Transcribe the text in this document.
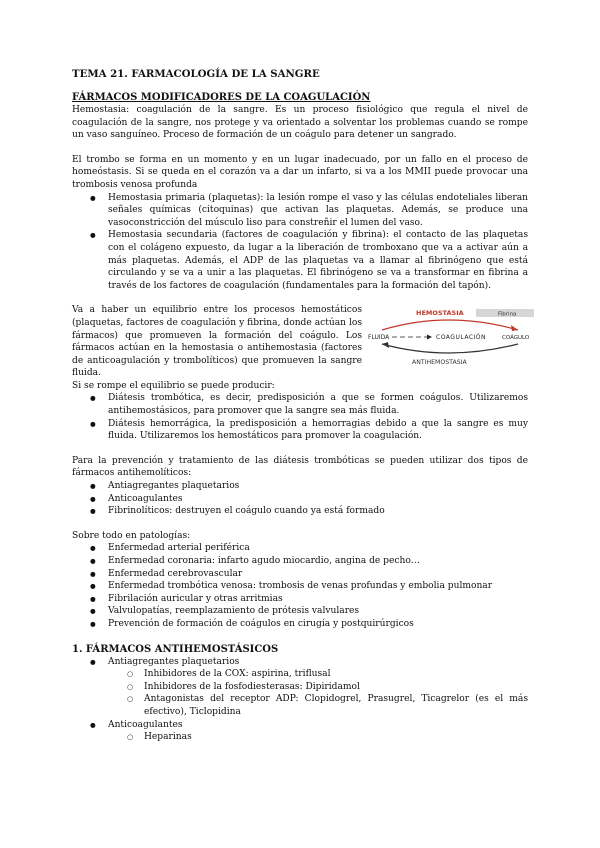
TEMA 21. FARMACOLOGÍA DE LA SANGRE
FÁRMACOS MODIFICADORES DE LA COAGULACIÓN

Hemostasia: coagulación de la sangre. Es un proceso fisiológico que regula el nivel de coagulación de la sangre, nos protege y va orientado a solventar los problemas cuando se rompe un vaso sanguíneo. Proceso de formación de un coágulo para detener un sangrado.

El trombo se forma en un momento y en un lugar inadecuado, por un fallo en el proceso de homeóstasis. Si se queda en el corazón va a dar un infarto, si va a los MMII puede provocar una trombosis venosa profunda

● Hemostasia primaria (plaquetas): la lesión rompe el vaso y las células endoteliales liberan señales químicas (citoquinas) que activan las plaquetas. Además, se produce una vasoconstricción del músculo liso para constreñir el lumen del vaso.
● Hemostasia secundaria (factores de coagulación y fibrina): el contacto de las plaquetas con el colágeno expuesto, da lugar a la liberación de tromboxano que va a activar aún a más plaquetas. Además, el ADP de las plaquetas va a llamar al fibrinógeno que está circulando y se va a unir a las plaquetas. El fibrinógeno se va a transformar en fibrina a través de los factores de coagulación (fundamentales para la formación del tapón).

Va a haber un equilibrio entre los procesos hemostáticos (plaquetas, factores de coagulación y fibrina, donde actúan los fármacos) que promueven la formación del coágulo. Los fármacos actúan en la hemostasia o antihemostasia (factores de anticoagulación y trombolíticos) que promueven la sangre fluida.

HEMOSTASIA	Fibrina
FLUIDA	COAGULACIÓN	COÁGULO
ANTIHEMOSTASIA

Si se rompe el equilibrio se puede producir:

● Diátesis trombótica, es decir, predisposición a que se formen coágulos. Utilizaremos antihemostásicos, para promover que la sangre sea más fluida.
● Diátesis hemorrágica, la predisposición a hemorragias debido a que la sangre es muy fluida. Utilizaremos los hemostáticos para promover la coagulación.

Para la prevención y tratamiento de las diátesis trombóticas se pueden utilizar dos tipos de fármacos antihemolíticos:

● Antiagregantes plaquetarios
● Anticoagulantes
● Fibrinolíticos: destruyen el coágulo cuando ya está formado

Sobre todo en patologías:

● Enfermedad arterial periférica
● Enfermedad coronaria: infarto agudo miocardio, angina de pecho…
● Enfermedad cerebrovascular
● Enfermedad trombótica venosa: trombosis de venas profundas y embolia pulmonar
● Fibrilación auricular y otras arritmias
● Valvulopatías, reemplazamiento de prótesis valvulares
● Prevención de formación de coágulos en cirugía y postquirúrgicos
1. FÁRMACOS ANTIHEMOSTÁSICOS
● Antiagregantes plaquetarios
○ Inhibidores de la COX: aspirina, triflusal
○ Inhibidores de la fosfodiesterasas: Dipiridamol
○ Antagonistas del receptor ADP: Clopidogrel, Prasugrel, Ticagrelor (es el más efectivo), Ticlopidina
● Anticoagulantes
○ Heparinas
